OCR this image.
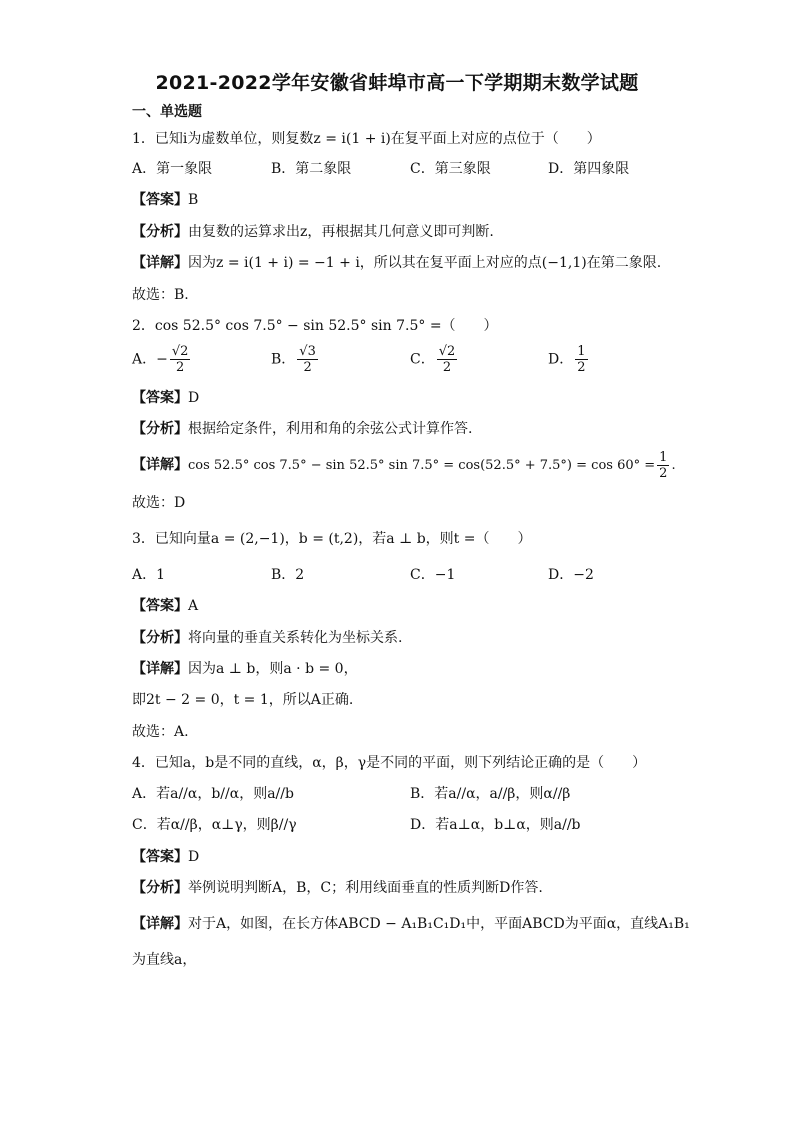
2021-2022学年安徽省蚌埠市高一下学期期末数学试题
一、单选题
1．已知i为虚数单位，则复数z = i(1 + i)在复平面上对应的点位于（　　）
A．第一象限	B．第二象限	C．第三象限	D．第四象限
【答案】B
【分析】由复数的运算求出z，再根据其几何意义即可判断.
【详解】因为z = i(1 + i) = −1 + i，所以其在复平面上对应的点(−1,1)在第二象限.
故选：B.
2．cos 52.5° cos 7.5° − sin 52.5° sin 7.5° =（　　）
A．− $\frac{√2}{2}$	B． $\frac{√3}{2}$	C． $\frac{√2}{2}$	D． $\frac{1}{2}$
【答案】D
【分析】根据给定条件，利用和角的余弦公式计算作答.
【详解】cos 52.5° cos 7.5° − sin 52.5° $\sin 7.5^\circ = \cos(52.5^\circ + 7.5^\circ) = \cos 60^\circ = \frac{1}{2}$ .
故选：D
3．已知向量a = (2,−1)，b = (t,2)，若a ⊥ b，则t =（　　）
A．1	B．2	C．−1	D．−2
【答案】A
【分析】将向量的垂直关系转化为坐标关系.
【详解】因为a ⊥ b，则a · b = 0，
即2t − 2 = 0，t = 1，所以A正确.
故选：A.
4．已知a，b是不同的直线，α，β，γ是不同的平面，则下列结论正确的是（　　）
A．若a//α，b//α，则a//b	B．若a//α，a//β，则α//β
C．若α//β，α⊥γ，则β//γ	D．若a⊥α，b⊥α，则a//b
【答案】D
【分析】举例说明判断A，B，C；利用线面垂直的性质判断D作答.
【详解】对于A，如图，在长方体ABCD − A₁B₁C₁D₁中，平面ABCD为平面α，直线A₁B₁
为直线a，
